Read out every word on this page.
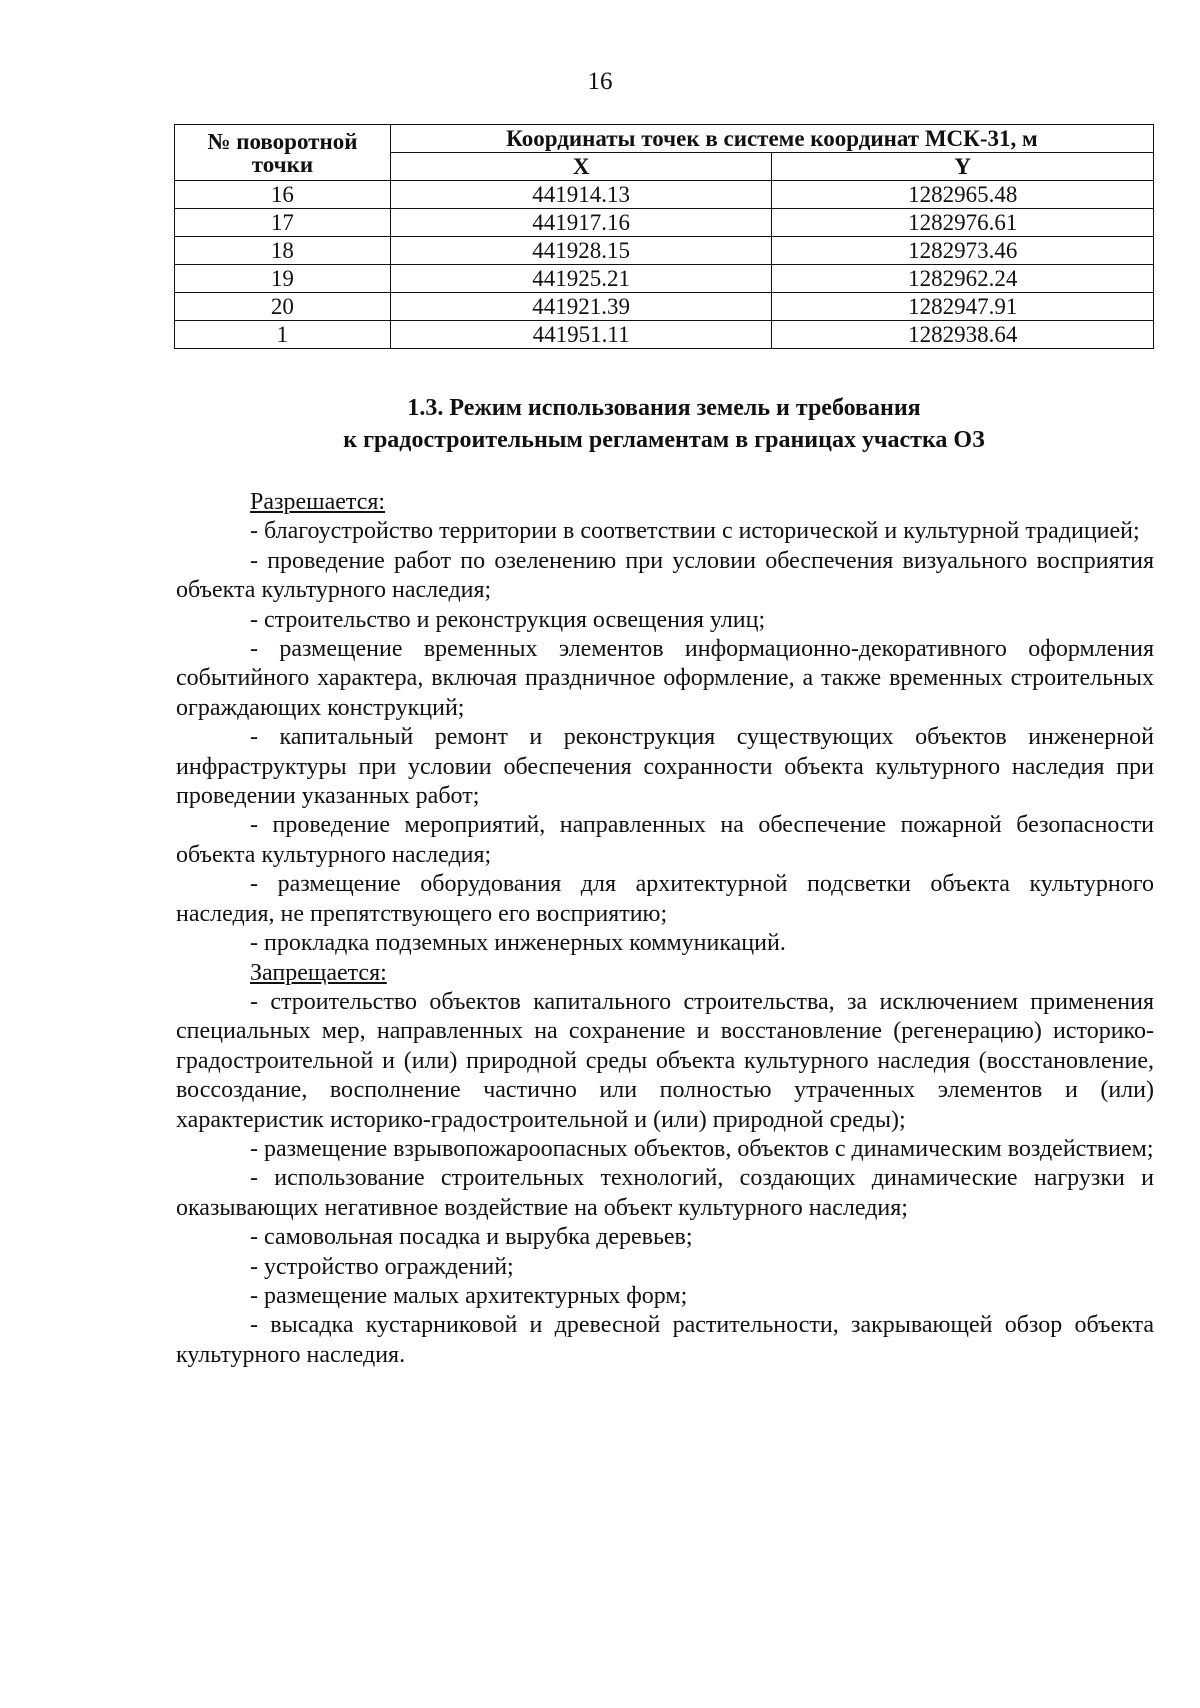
16
№ поворотной точки	Координаты точек в системе координат МСК-31, м	
	X	Y
16	441914.13	1282965.48
17	441917.16	1282976.61
18	441928.15	1282973.46
19	441925.21	1282962.24
20	441921.39	1282947.91
1	441951.11	1282938.64
1.3. Режим использования земель и требования
к градостроительным регламентам в границах участка ОЗ

Разрешается:

- благоустройство территории в соответствии с исторической и культурной традицией;

- проведение работ по озеленению при условии обеспечения визуального восприятия объекта культурного наследия;

- строительство и реконструкция освещения улиц;

- размещение временных элементов информационно-декоративного оформления событийного характера, включая праздничное оформление, а также временных строительных ограждающих конструкций;

- капитальный ремонт и реконструкция существующих объектов инженерной инфраструктуры при условии обеспечения сохранности объекта культурного наследия при проведении указанных работ;

- проведение мероприятий, направленных на обеспечение пожарной безопасности объекта культурного наследия;

- размещение оборудования для архитектурной подсветки объекта культурного наследия, не препятствующего его восприятию;

- прокладка подземных инженерных коммуникаций.

Запрещается:

- строительство объектов капитального строительства, за исключением применения специальных мер, направленных на сохранение и восстановление (регенерацию) историко-градостроительной и (или) природной среды объекта культурного наследия (восстановление, воссоздание, восполнение частично или полностью утраченных элементов и (или) характеристик историко-градостроительной и (или) природной среды);

- размещение взрывопожароопасных объектов, объектов с динамическим воздействием;

- использование строительных технологий, создающих динамические нагрузки и оказывающих негативное воздействие на объект культурного наследия;

- самовольная посадка и вырубка деревьев;

- устройство ограждений;

- размещение малых архитектурных форм;

- высадка кустарниковой и древесной растительности, закрывающей обзор объекта культурного наследия.
